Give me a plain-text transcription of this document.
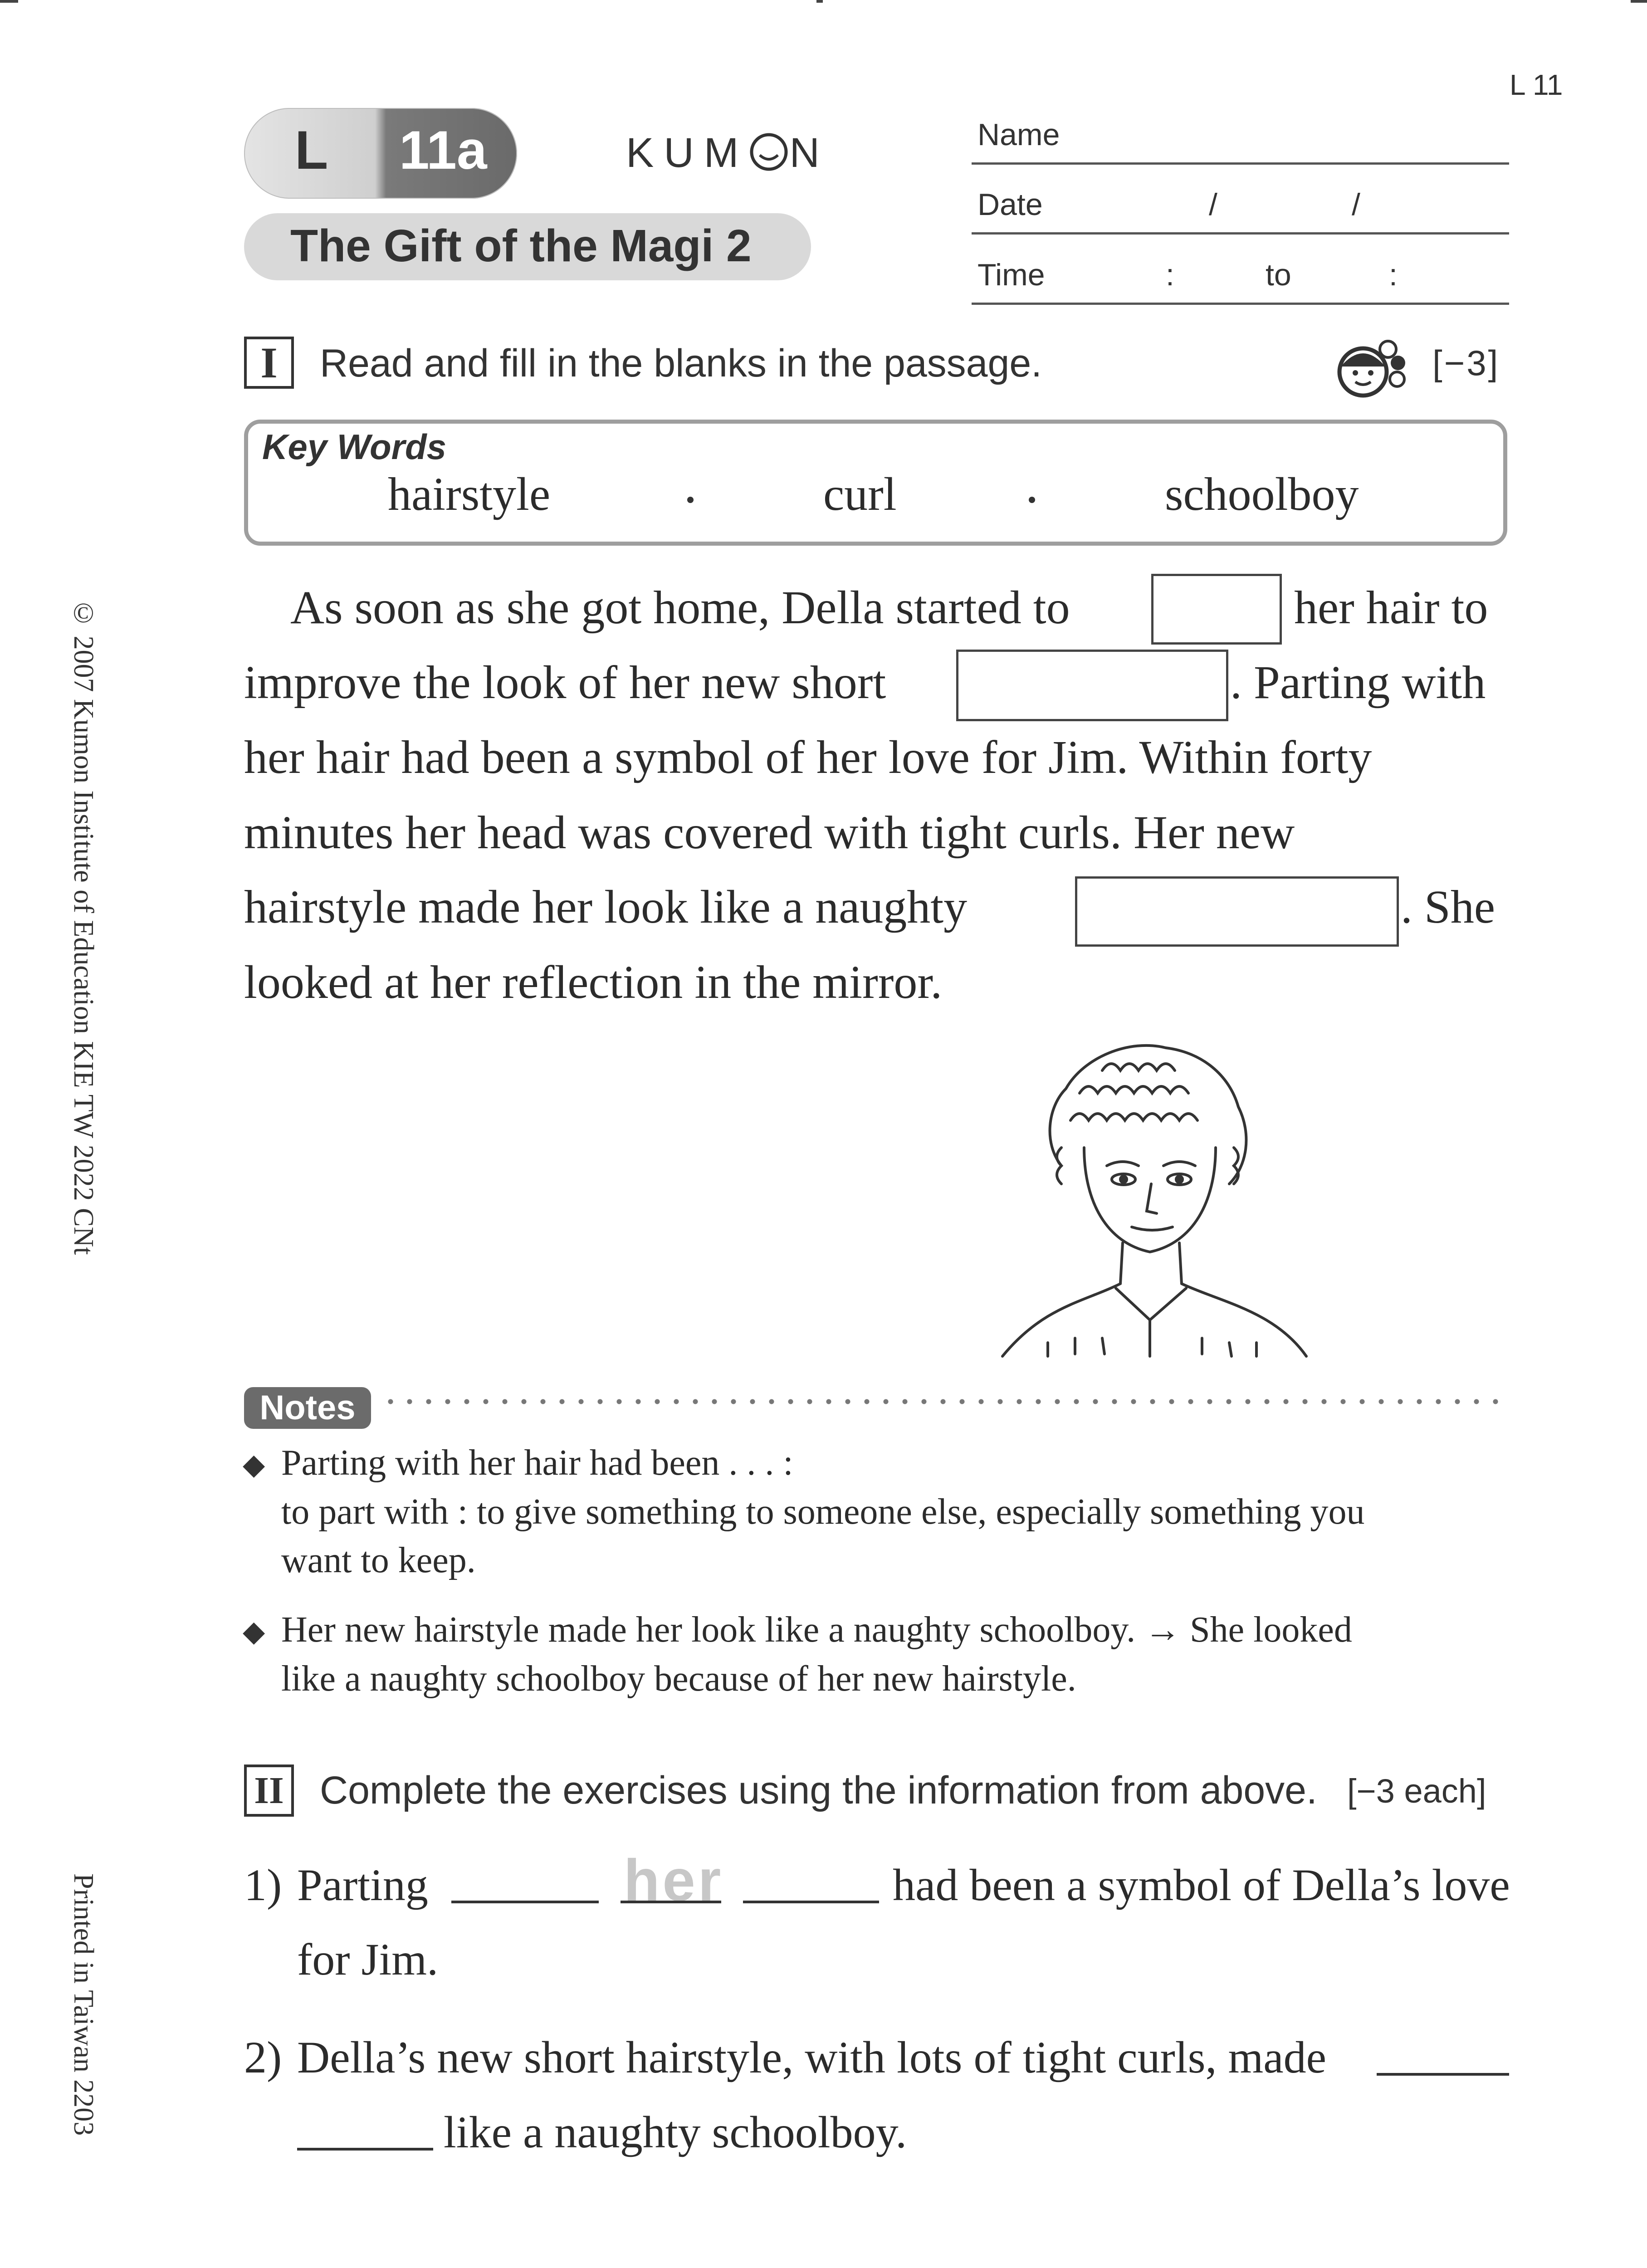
L 11a	KUM N
The Gift of the Magi 2
L 11
Name
Date	/	/
Time	:	to	:
© 2007 Kumon Institute of Education KIE TW 2022 CNt
Printed in Taiwan 2203
I	Read and fill in the blanks in the passage.	[−3]
Key Words
hairstyle	curl	schoolboy
As soon as she got home, Della started to	her hair to
improve the look of her new short	. Parting with
her hair had been a symbol of her love for Jim. Within forty
minutes her head was covered with tight curls. Her new
hairstyle made her look like a naughty	. She
looked at her reflection in the mirror.
Notes
◆ Parting with her hair had been . . . :
to part with : to give something to someone else, especially something you
want to keep.
◆ Her new hairstyle made her look like a naughty schoolboy. → She looked
like a naughty schoolboy because of her new hairstyle.
II Complete the exercises using the information from above. [−3 each]
1) Parting	her	had been a symbol of Della’s love
for Jim.
2) Della’s new short hairstyle, with lots of tight curls, made
like a naughty schoolboy.
